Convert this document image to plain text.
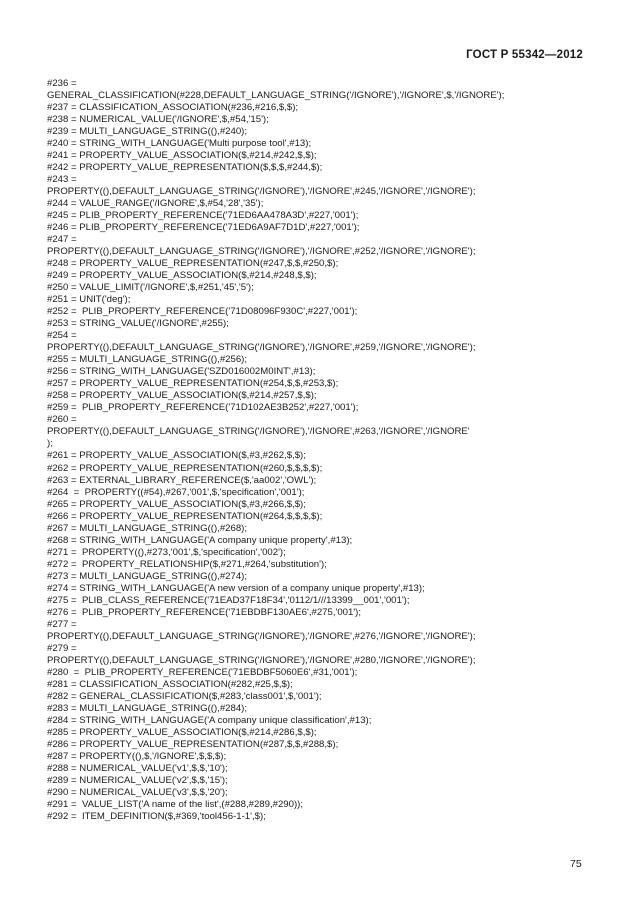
ГОСТ Р 55342—2012
#236 =
GENERAL_CLASSIFICATION(#228,DEFAULT_LANGUAGE_STRING('/IGNORE'),'/IGNORE',$,'/IGNORE');
#237 = CLASSIFICATION_ASSOCIATION(#236,#216,$,$);
#238 = NUMERICAL_VALUE('/IGNORE',$,#54,'15');
#239 = MULTI_LANGUAGE_STRING((),#240);
#240 = STRING_WITH_LANGUAGE('Multi purpose tool',#13);
#241 = PROPERTY_VALUE_ASSOCIATION($,#214,#242,$,$);
#242 = PROPERTY_VALUE_REPRESENTATION($,$,$,#244,$);
#243 =
PROPERTY((),DEFAULT_LANGUAGE_STRING('/IGNORE'),'/IGNORE',#245,'/IGNORE','/IGNORE');
#244 = VALUE_RANGE('/IGNORE',$,#54,'28','35');
#245 = PLIB_PROPERTY_REFERENCE('71ED6AA478A3D',#227,'001');
#246 = PLIB_PROPERTY_REFERENCE('71ED6A9AF7D1D',#227,'001');
#247 =
PROPERTY((),DEFAULT_LANGUAGE_STRING('/IGNORE'),'/IGNORE',#252,'/IGNORE','/IGNORE');
#248 = PROPERTY_VALUE_REPRESENTATION(#247,$,$,#250,$);
#249 = PROPERTY_VALUE_ASSOCIATION($,#214,#248,$,$);
#250 = VALUE_LIMIT('/IGNORE',$,#251,'45','5');
#251 = UNIT('deg');
#252 =  PLIB_PROPERTY_REFERENCE('71D08096F930C',#227,'001');
#253 = STRING_VALUE('/IGNORE',#255);
#254 =
PROPERTY((),DEFAULT_LANGUAGE_STRING('/IGNORE'),'/IGNORE',#259,'/IGNORE','/IGNORE');
#255 = MULTI_LANGUAGE_STRING((),#256);
#256 = STRING_WITH_LANGUAGE('SZD016002M0INT',#13);
#257 = PROPERTY_VALUE_REPRESENTATION(#254,$,$,#253,$);
#258 = PROPERTY_VALUE_ASSOCIATION($,#214,#257,$,$);
#259 =  PLIB_PROPERTY_REFERENCE('71D102AE3B252',#227,'001');
#260 =
PROPERTY((),DEFAULT_LANGUAGE_STRING('/IGNORE'),'/IGNORE',#263,'/IGNORE','/IGNORE'
);
#261 = PROPERTY_VALUE_ASSOCIATION($,#3,#262,$,$);
#262 = PROPERTY_VALUE_REPRESENTATION(#260,$,$,$,$);
#263 = EXTERNAL_LIBRARY_REFERENCE($,'aa002','OWL');
#264  =  PROPERTY((#54),#267,'001',$,'specification','001');
#265 = PROPERTY_VALUE_ASSOCIATION($,#3,#266,$,$);
#266 = PROPERTY_VALUE_REPRESENTATION(#264,$,$,$,$);
#267 = MULTI_LANGUAGE_STRING((),#268);
#268 = STRING_WITH_LANGUAGE('A company unique property',#13);
#271 =  PROPERTY((),#273,'001',$,'specification','002');
#272 =  PROPERTY_RELATIONSHIP($,#271,#264,'substitution');
#273 = MULTI_LANGUAGE_STRING((),#274);
#274 = STRING_WITH_LANGUAGE('A new version of a company unique property',#13);
#275 =  PLIB_CLASS_REFERENCE('71EAD37F18F34','0112/1///13399__001','001');
#276 =  PLIB_PROPERTY_REFERENCE('71EBDBF130AE6',#275,'001');
#277 =
PROPERTY((),DEFAULT_LANGUAGE_STRING('/IGNORE'),'/IGNORE',#276,'/IGNORE','/IGNORE');
#279 =
PROPERTY((),DEFAULT_LANGUAGE_STRING('/IGNORE'),'/IGNORE',#280,'/IGNORE','/IGNORE');
#280  =  PLIB_PROPERTY_REFERENCE('71EBDBF5060E6',#31,'001');
#281 = CLASSIFICATION_ASSOCIATION(#282,#25,$,$);
#282 = GENERAL_CLASSIFICATION($,#283,'class001',$,'001');
#283 = MULTI_LANGUAGE_STRING((),#284);
#284 = STRING_WITH_LANGUAGE('A company unique classification',#13);
#285 = PROPERTY_VALUE_ASSOCIATION($,#214,#286,$,$);
#286 = PROPERTY_VALUE_REPRESENTATION(#287,$,$,#288,$);
#287 = PROPERTY((),$,'/IGNORE',$,$,$);
#288 = NUMERICAL_VALUE('v1',$,$,'10');
#289 = NUMERICAL_VALUE('v2',$,$,'15');
#290 = NUMERICAL_VALUE('v3',$,$,'20');
#291 =  VALUE_LIST('A name of the list',(#288,#289,#290));
#292 =  ITEM_DEFINITION($,#369,'tool456-1-1',$);
75
